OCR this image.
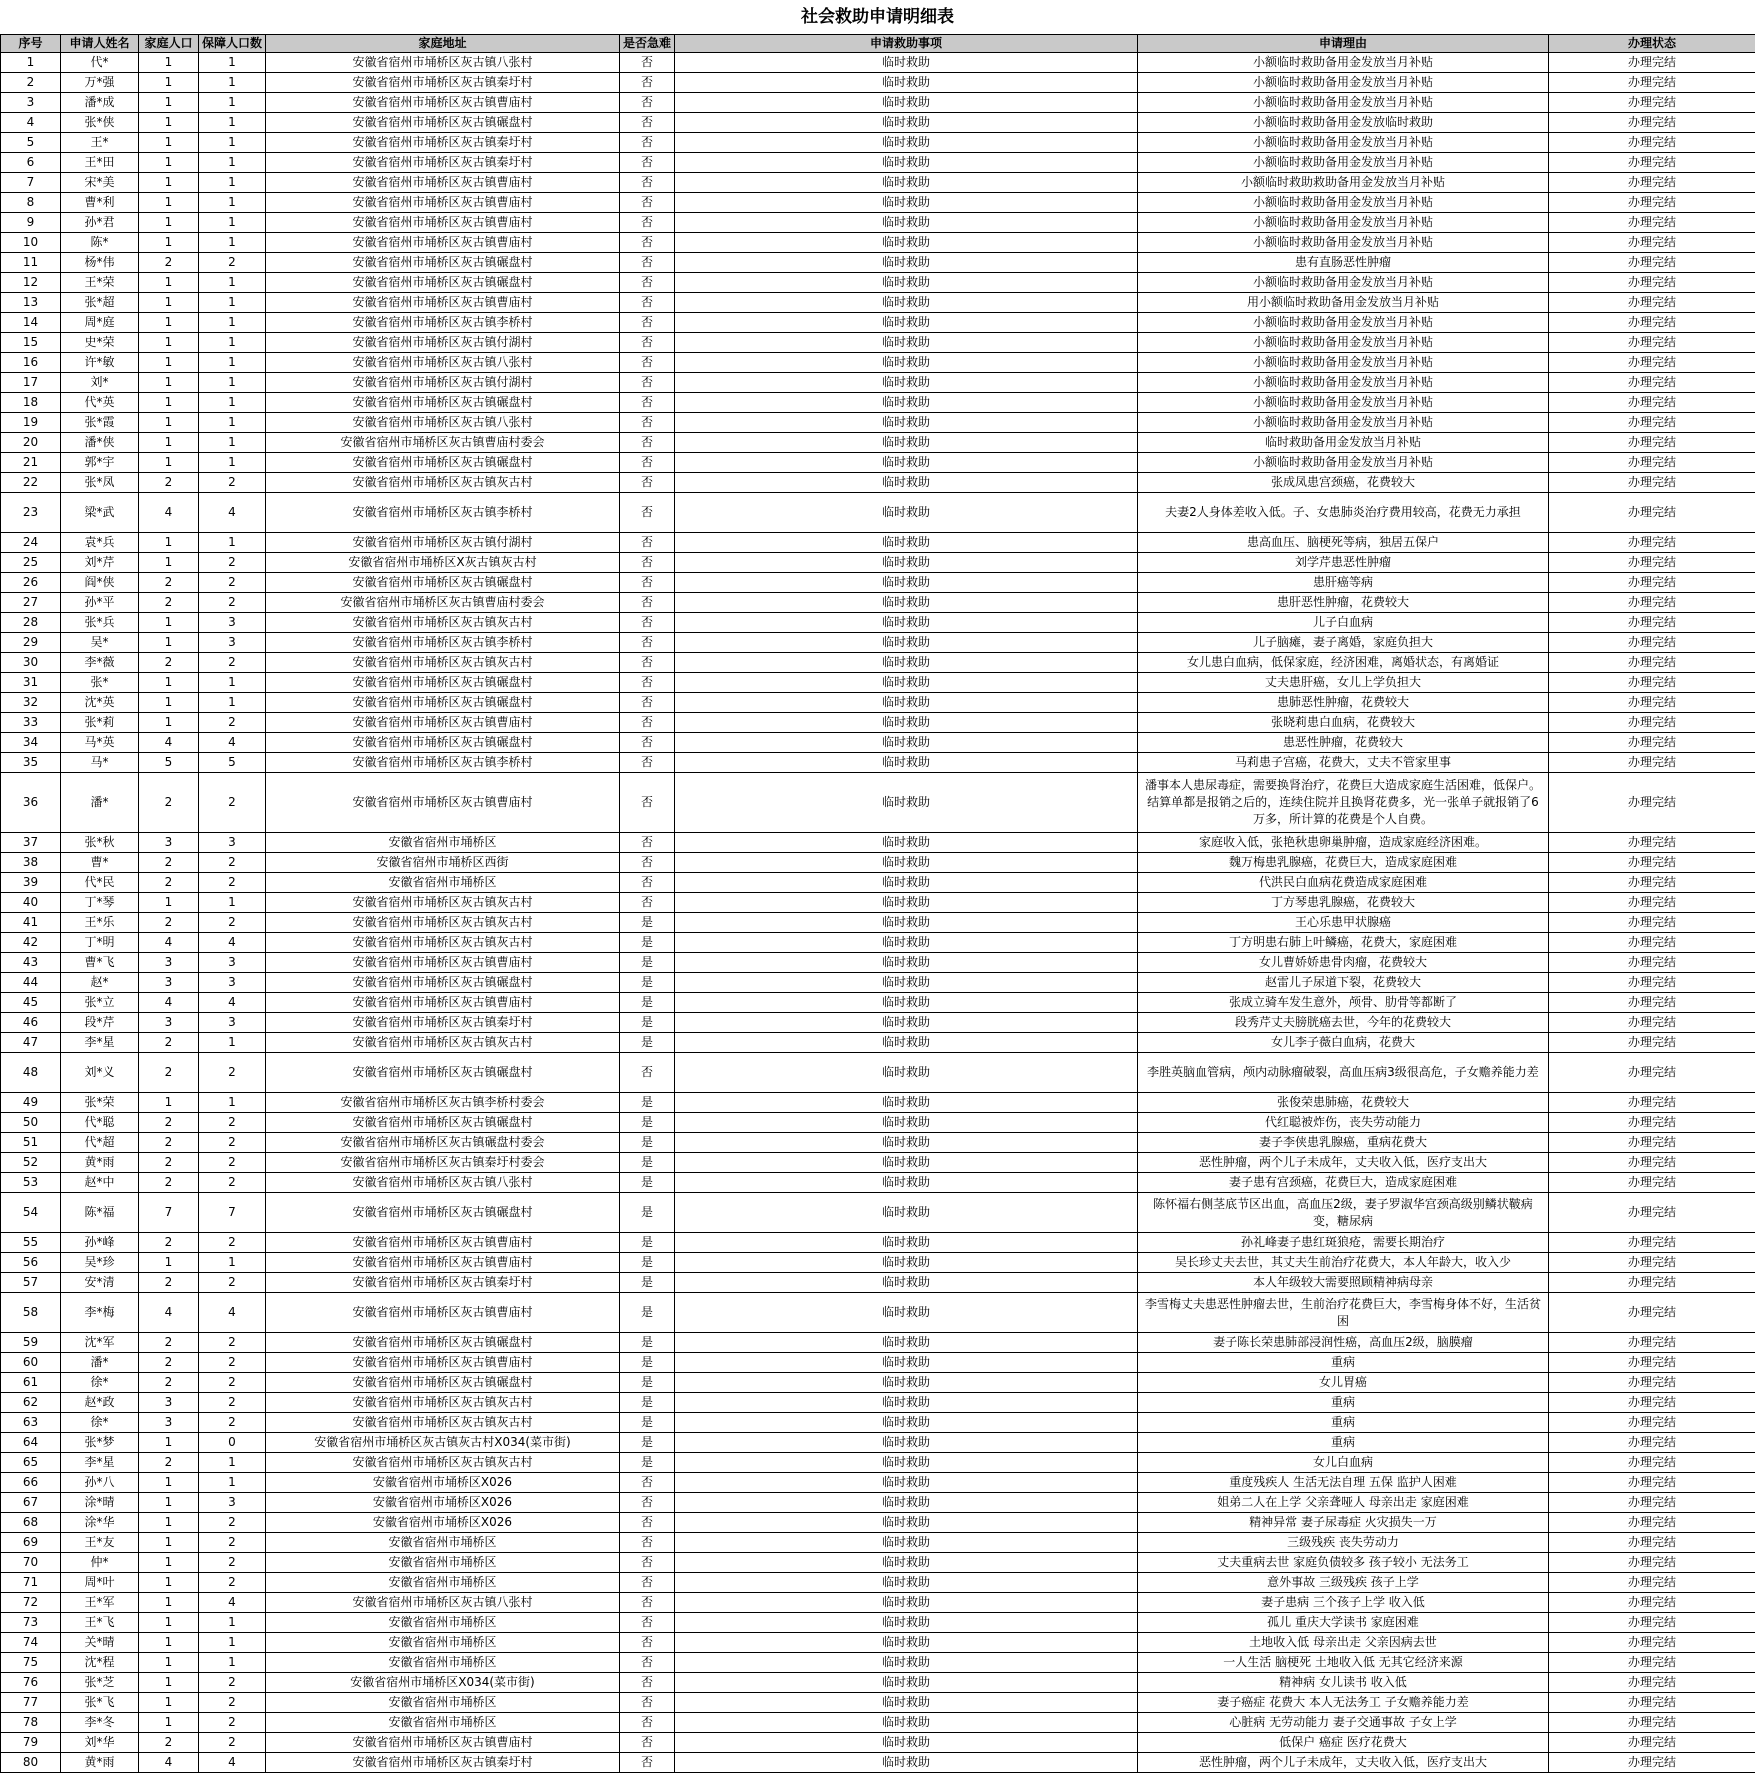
社会救助申请明细表
序号	申请人姓名	家庭人口	保障人口数	家庭地址	是否急难	申请救助事项	申请理由	办理状态
1	代*	1	1	安徽省宿州市埇桥区灰古镇八张村	否	临时救助	小额临时救助备用金发放当月补贴	办理完结
2	万*强	1	1	安徽省宿州市埇桥区灰古镇秦圩村	否	临时救助	小额临时救助备用金发放当月补贴	办理完结
3	潘*成	1	1	安徽省宿州市埇桥区灰古镇曹庙村	否	临时救助	小额临时救助备用金发放当月补贴	办理完结
4	张*侠	1	1	安徽省宿州市埇桥区灰古镇碾盘村	否	临时救助	小额临时救助备用金发放临时救助	办理完结
5	王*	1	1	安徽省宿州市埇桥区灰古镇秦圩村	否	临时救助	小额临时救助备用金发放当月补贴	办理完结
6	王*田	1	1	安徽省宿州市埇桥区灰古镇秦圩村	否	临时救助	小额临时救助备用金发放当月补贴	办理完结
7	宋*美	1	1	安徽省宿州市埇桥区灰古镇曹庙村	否	临时救助	小额临时救助救助备用金发放当月补贴	办理完结
8	曹*利	1	1	安徽省宿州市埇桥区灰古镇曹庙村	否	临时救助	小额临时救助备用金发放当月补贴	办理完结
9	孙*君	1	1	安徽省宿州市埇桥区灰古镇曹庙村	否	临时救助	小额临时救助备用金发放当月补贴	办理完结
10	陈*	1	1	安徽省宿州市埇桥区灰古镇曹庙村	否	临时救助	小额临时救助备用金发放当月补贴	办理完结
11	杨*伟	2	2	安徽省宿州市埇桥区灰古镇碾盘村	否	临时救助	患有直肠恶性肿瘤	办理完结
12	王*荣	1	1	安徽省宿州市埇桥区灰古镇碾盘村	否	临时救助	小额临时救助备用金发放当月补贴	办理完结
13	张*超	1	1	安徽省宿州市埇桥区灰古镇曹庙村	否	临时救助	用小额临时救助备用金发放当月补贴	办理完结
14	周*庭	1	1	安徽省宿州市埇桥区灰古镇李桥村	否	临时救助	小额临时救助备用金发放当月补贴	办理完结
15	史*荣	1	1	安徽省宿州市埇桥区灰古镇付湖村	否	临时救助	小额临时救助备用金发放当月补贴	办理完结
16	许*敏	1	1	安徽省宿州市埇桥区灰古镇八张村	否	临时救助	小额临时救助备用金发放当月补贴	办理完结
17	刘*	1	1	安徽省宿州市埇桥区灰古镇付湖村	否	临时救助	小额临时救助备用金发放当月补贴	办理完结
18	代*英	1	1	安徽省宿州市埇桥区灰古镇碾盘村	否	临时救助	小额临时救助备用金发放当月补贴	办理完结
19	张*霞	1	1	安徽省宿州市埇桥区灰古镇八张村	否	临时救助	小额临时救助备用金发放当月补贴	办理完结
20	潘*侠	1	1	安徽省宿州市埇桥区灰古镇曹庙村委会	否	临时救助	临时救助备用金发放当月补贴	办理完结
21	郭*宇	1	1	安徽省宿州市埇桥区灰古镇碾盘村	否	临时救助	小额临时救助备用金发放当月补贴	办理完结
22	张*凤	2	2	安徽省宿州市埇桥区灰古镇灰古村	否	临时救助	张成凤患宫颈癌，花费较大	办理完结
23	梁*武	4	4	安徽省宿州市埇桥区灰古镇李桥村	否	临时救助	夫妻2人身体差收入低。子、女患肺炎治疗费用较高，花费无力承担	办理完结
24	袁*兵	1	1	安徽省宿州市埇桥区灰古镇付湖村	否	临时救助	患高血压、脑梗死等病，独居五保户	办理完结
25	刘*芹	1	2	安徽省宿州市埇桥区X灰古镇灰古村	否	临时救助	刘学芹患恶性肿瘤	办理完结
26	阎*侠	2	2	安徽省宿州市埇桥区灰古镇碾盘村	否	临时救助	患肝癌等病	办理完结
27	孙*平	2	2	安徽省宿州市埇桥区灰古镇曹庙村委会	否	临时救助	患肝恶性肿瘤，花费较大	办理完结
28	张*兵	1	3	安徽省宿州市埇桥区灰古镇灰古村	否	临时救助	儿子白血病	办理完结
29	吴*	1	3	安徽省宿州市埇桥区灰古镇李桥村	否	临时救助	儿子脑瘫，妻子离婚，家庭负担大	办理完结
30	李*薇	2	2	安徽省宿州市埇桥区灰古镇灰古村	否	临时救助	女儿患白血病，低保家庭，经济困难，离婚状态，有离婚证	办理完结
31	张*	1	1	安徽省宿州市埇桥区灰古镇碾盘村	否	临时救助	丈夫患肝癌，女儿上学负担大	办理完结
32	沈*英	1	1	安徽省宿州市埇桥区灰古镇碾盘村	否	临时救助	患肺恶性肿瘤，花费较大	办理完结
33	张*莉	1	2	安徽省宿州市埇桥区灰古镇曹庙村	否	临时救助	张晓莉患白血病，花费较大	办理完结
34	马*英	4	4	安徽省宿州市埇桥区灰古镇碾盘村	否	临时救助	患恶性肿瘤，花费较大	办理完结
35	马*	5	5	安徽省宿州市埇桥区灰古镇李桥村	否	临时救助	马莉患子宫癌，花费大，丈夫不管家里事	办理完结
36	潘*	2	2	安徽省宿州市埇桥区灰古镇曹庙村	否	临时救助	潘事本人患尿毒症，需要换肾治疗，花费巨大造成家庭生活困难，低保户。结算单都是报销之后的，连续住院并且换肾花费多，光一张单子就报销了6万多，所计算的花费是个人自费。	办理完结
37	张*秋	3	3	安徽省宿州市埇桥区	否	临时救助	家庭收入低，张艳秋患卵巢肿瘤，造成家庭经济困难。	办理完结
38	曹*	2	2	安徽省宿州市埇桥区西街	否	临时救助	魏万梅患乳腺癌，花费巨大，造成家庭困难	办理完结
39	代*民	2	2	安徽省宿州市埇桥区	否	临时救助	代洪民白血病花费造成家庭困难	办理完结
40	丁*琴	1	1	安徽省宿州市埇桥区灰古镇灰古村	否	临时救助	丁方琴患乳腺癌，花费较大	办理完结
41	王*乐	2	2	安徽省宿州市埇桥区灰古镇灰古村	是	临时救助	王心乐患甲状腺癌	办理完结
42	丁*明	4	4	安徽省宿州市埇桥区灰古镇灰古村	是	临时救助	丁方明患右肺上叶鳞癌，花费大，家庭困难	办理完结
43	曹*飞	3	3	安徽省宿州市埇桥区灰古镇曹庙村	是	临时救助	女儿曹娇娇患骨肉瘤，花费较大	办理完结
44	赵*	3	3	安徽省宿州市埇桥区灰古镇碾盘村	是	临时救助	赵雷儿子尿道下裂，花费较大	办理完结
45	张*立	4	4	安徽省宿州市埇桥区灰古镇曹庙村	是	临时救助	张成立骑车发生意外，颅骨、肋骨等都断了	办理完结
46	段*芹	3	3	安徽省宿州市埇桥区灰古镇秦圩村	是	临时救助	段秀芹丈夫膀胱癌去世，今年的花费较大	办理完结
47	李*星	2	1	安徽省宿州市埇桥区灰古镇灰古村	是	临时救助	女儿李子薇白血病，花费大	办理完结
48	刘*义	2	2	安徽省宿州市埇桥区灰古镇碾盘村	否	临时救助	李胜英脑血管病，颅内动脉瘤破裂，高血压病3级很高危，子女赡养能力差	办理完结
49	张*荣	1	1	安徽省宿州市埇桥区灰古镇李桥村委会	是	临时救助	张俊荣患肺癌，花费较大	办理完结
50	代*聪	2	2	安徽省宿州市埇桥区灰古镇碾盘村	是	临时救助	代红聪被炸伤，丧失劳动能力	办理完结
51	代*超	2	2	安徽省宿州市埇桥区灰古镇碾盘村委会	是	临时救助	妻子李侠患乳腺癌，重病花费大	办理完结
52	黄*雨	2	2	安徽省宿州市埇桥区灰古镇秦圩村委会	是	临时救助	恶性肿瘤，两个儿子未成年，丈夫收入低，医疗支出大	办理完结
53	赵*中	2	2	安徽省宿州市埇桥区灰古镇八张村	是	临时救助	妻子患有宫颈癌，花费巨大，造成家庭困难	办理完结
54	陈*福	7	7	安徽省宿州市埇桥区灰古镇碾盘村	是	临时救助	陈怀福右侧茎底节区出血，高血压2级，妻子罗淑华宫颈高级别鳞状鞁病变，糖尿病	办理完结
55	孙*峰	2	2	安徽省宿州市埇桥区灰古镇曹庙村	是	临时救助	孙礼峰妻子患红斑狼疮，需要长期治疗	办理完结
56	吴*珍	1	1	安徽省宿州市埇桥区灰古镇曹庙村	是	临时救助	吴长珍丈夫去世，其丈夫生前治疗花费大，本人年龄大，收入少	办理完结
57	安*清	2	2	安徽省宿州市埇桥区灰古镇秦圩村	是	临时救助	本人年级较大需要照顾精神病母亲	办理完结
58	李*梅	4	4	安徽省宿州市埇桥区灰古镇曹庙村	是	临时救助	李雪梅丈夫患恶性肿瘤去世，生前治疗花费巨大，李雪梅身体不好，生活贫困	办理完结
59	沈*军	2	2	安徽省宿州市埇桥区灰古镇碾盘村	是	临时救助	妻子陈长荣患肺部浸润性癌，高血压2级，脑膜瘤	办理完结
60	潘*	2	2	安徽省宿州市埇桥区灰古镇曹庙村	是	临时救助	重病	办理完结
61	徐*	2	2	安徽省宿州市埇桥区灰古镇碾盘村	是	临时救助	女儿胃癌	办理完结
62	赵*政	3	2	安徽省宿州市埇桥区灰古镇灰古村	是	临时救助	重病	办理完结
63	徐*	3	2	安徽省宿州市埇桥区灰古镇灰古村	是	临时救助	重病	办理完结
64	张*梦	1	0	安徽省宿州市埇桥区灰古镇灰古村X034(菜市街)	是	临时救助	重病	办理完结
65	李*星	2	1	安徽省宿州市埇桥区灰古镇灰古村	是	临时救助	女儿白血病	办理完结
66	孙*八	1	1	安徽省宿州市埇桥区X026	否	临时救助	重度残疾人 生活无法自理 五保 监护人困难	办理完结
67	涂*晴	1	3	安徽省宿州市埇桥区X026	否	临时救助	姐弟二人在上学 父亲聋哑人 母亲出走 家庭困难	办理完结
68	涂*华	1	2	安徽省宿州市埇桥区X026	否	临时救助	精神异常 妻子尿毒症 火灾损失一万	办理完结
69	王*友	1	2	安徽省宿州市埇桥区	否	临时救助	三级残疾 丧失劳动力	办理完结
70	仲*	1	2	安徽省宿州市埇桥区	否	临时救助	丈夫重病去世 家庭负债较多 孩子较小 无法务工	办理完结
71	周*叶	1	2	安徽省宿州市埇桥区	否	临时救助	意外事故 三级残疾 孩子上学	办理完结
72	王*军	1	4	安徽省宿州市埇桥区灰古镇八张村	否	临时救助	妻子患病 三个孩子上学 收入低	办理完结
73	王*飞	1	1	安徽省宿州市埇桥区	否	临时救助	孤儿 重庆大学读书 家庭困难	办理完结
74	关*晴	1	1	安徽省宿州市埇桥区	否	临时救助	土地收入低 母亲出走 父亲因病去世	办理完结
75	沈*程	1	1	安徽省宿州市埇桥区	否	临时救助	一人生活 脑梗死 土地收入低 无其它经济来源	办理完结
76	张*芝	1	2	安徽省宿州市埇桥区X034(菜市街)	否	临时救助	精神病 女儿读书 收入低	办理完结
77	张*飞	1	2	安徽省宿州市埇桥区	否	临时救助	妻子癌症 花费大 本人无法务工 子女赡养能力差	办理完结
78	李*冬	1	2	安徽省宿州市埇桥区	否	临时救助	心脏病 无劳动能力 妻子交通事故 子女上学	办理完结
79	刘*华	2	2	安徽省宿州市埇桥区灰古镇曹庙村	否	临时救助	低保户 癌症 医疗花费大	办理完结
80	黄*雨	4	4	安徽省宿州市埇桥区灰古镇秦圩村	否	临时救助	恶性肿瘤，两个儿子未成年，丈夫收入低，医疗支出大	办理完结
